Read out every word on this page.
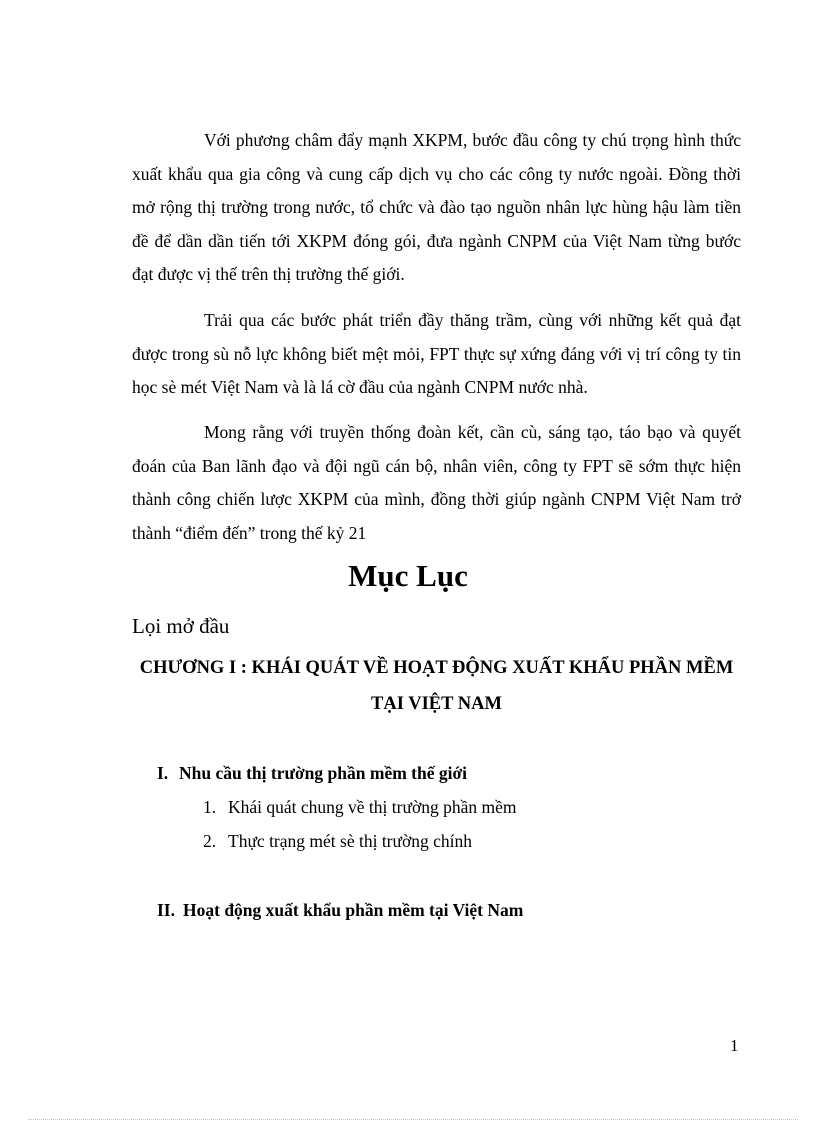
Với phương châm đẩy mạnh XKPM, bước đầu công ty chú trọng hình thức xuất khẩu qua gia công và cung cấp dịch vụ cho các công ty nước ngoài. Đồng thời mở rộng thị trường trong nước, tổ chức và đào tạo nguồn nhân lực hùng hậu làm tiền đề để dần dần tiến tới XKPM đóng gói, đưa ngành CNPM của Việt Nam từng bước đạt được vị thế trên thị trường thế giới.

Trải qua các bước phát triển đầy thăng trầm, cùng với những kết quả đạt được trong sù nỗ lực không biết mệt mỏi, FPT thực sự xứng đáng với vị trí công ty tin học sè mét Việt Nam và là lá cờ đầu của ngành CNPM nước nhà.

Mong rằng với truyền thống đoàn kết, cần cù, sáng tạo, táo bạo và quyết đoán của Ban lãnh đạo và đội ngũ cán bộ, nhân viên, công ty FPT sẽ sớm thực hiện thành công chiến lược XKPM của mình, đồng thời giúp ngành CNPM Việt Nam trở thành “điểm đến” trong thế kỷ 21

Mục Lục

Lọi mở đầu

CHƯƠNG I : KHÁI QUÁT VỀ HOẠT ĐỘNG XUẤT KHẨU PHẦN MỀM TẠI VIỆT NAM

I. Nhu cầu thị trường phần mềm thế giới

1. Khái quát chung về thị trường phần mềm

2. Thực trạng mét sè thị trường chính

II. Hoạt động xuất khẩu phần mềm tại Việt Nam

1
